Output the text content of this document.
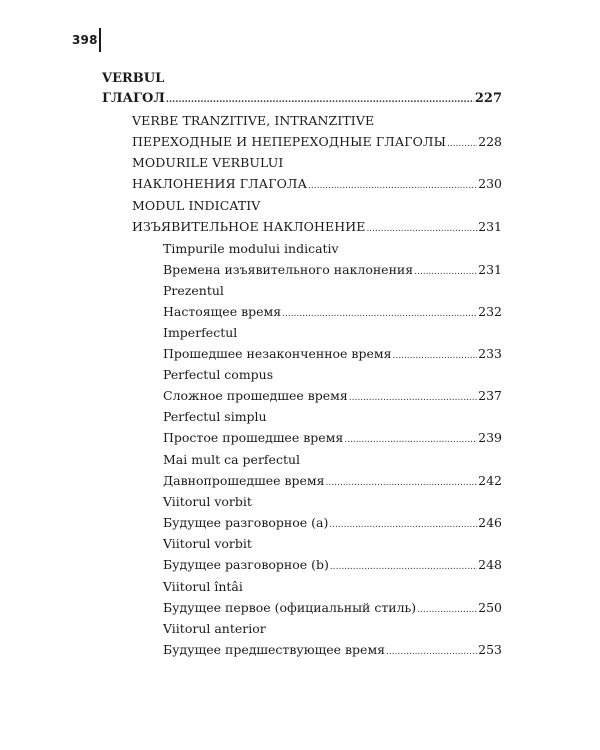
398
VERBUL
ГЛАГОЛ .....	227
VERBE TRANZITIVE, INTRANZITIVE
ПЕРЕХОДНЫЕ И НЕПЕРЕХОДНЫЕ ГЛАГОЛЫ .....	228
MODURILE VERBULUI
НАКЛОНЕНИЯ ГЛАГОЛА .....	230
MODUL INDICATIV
ИЗЪЯВИТЕЛЬНОЕ НАКЛОНЕНИЕ .....	231
Timpurile modului indicativ
Времена изъявительного наклонения .....	231
Prezentul
Настоящее время .....	232
Imperfectul
Прошедшее незаконченное время .....	233
Perfectul compus
Сложное прошедшее время .....	237
Perfectul simplu
Простое прошедшее время .....	239
Mai mult ca perfectul
Давнопрошедшее время .....	242
Viitorul vorbit
Будущее разговорное (a) .....	246
Viitorul vorbit
Будущее разговорное (b) .....	248
Viitorul întâi
Будущее первое (официальный стиль) .....	250
Viitorul anterior
Будущее предшествующее время .....	253
